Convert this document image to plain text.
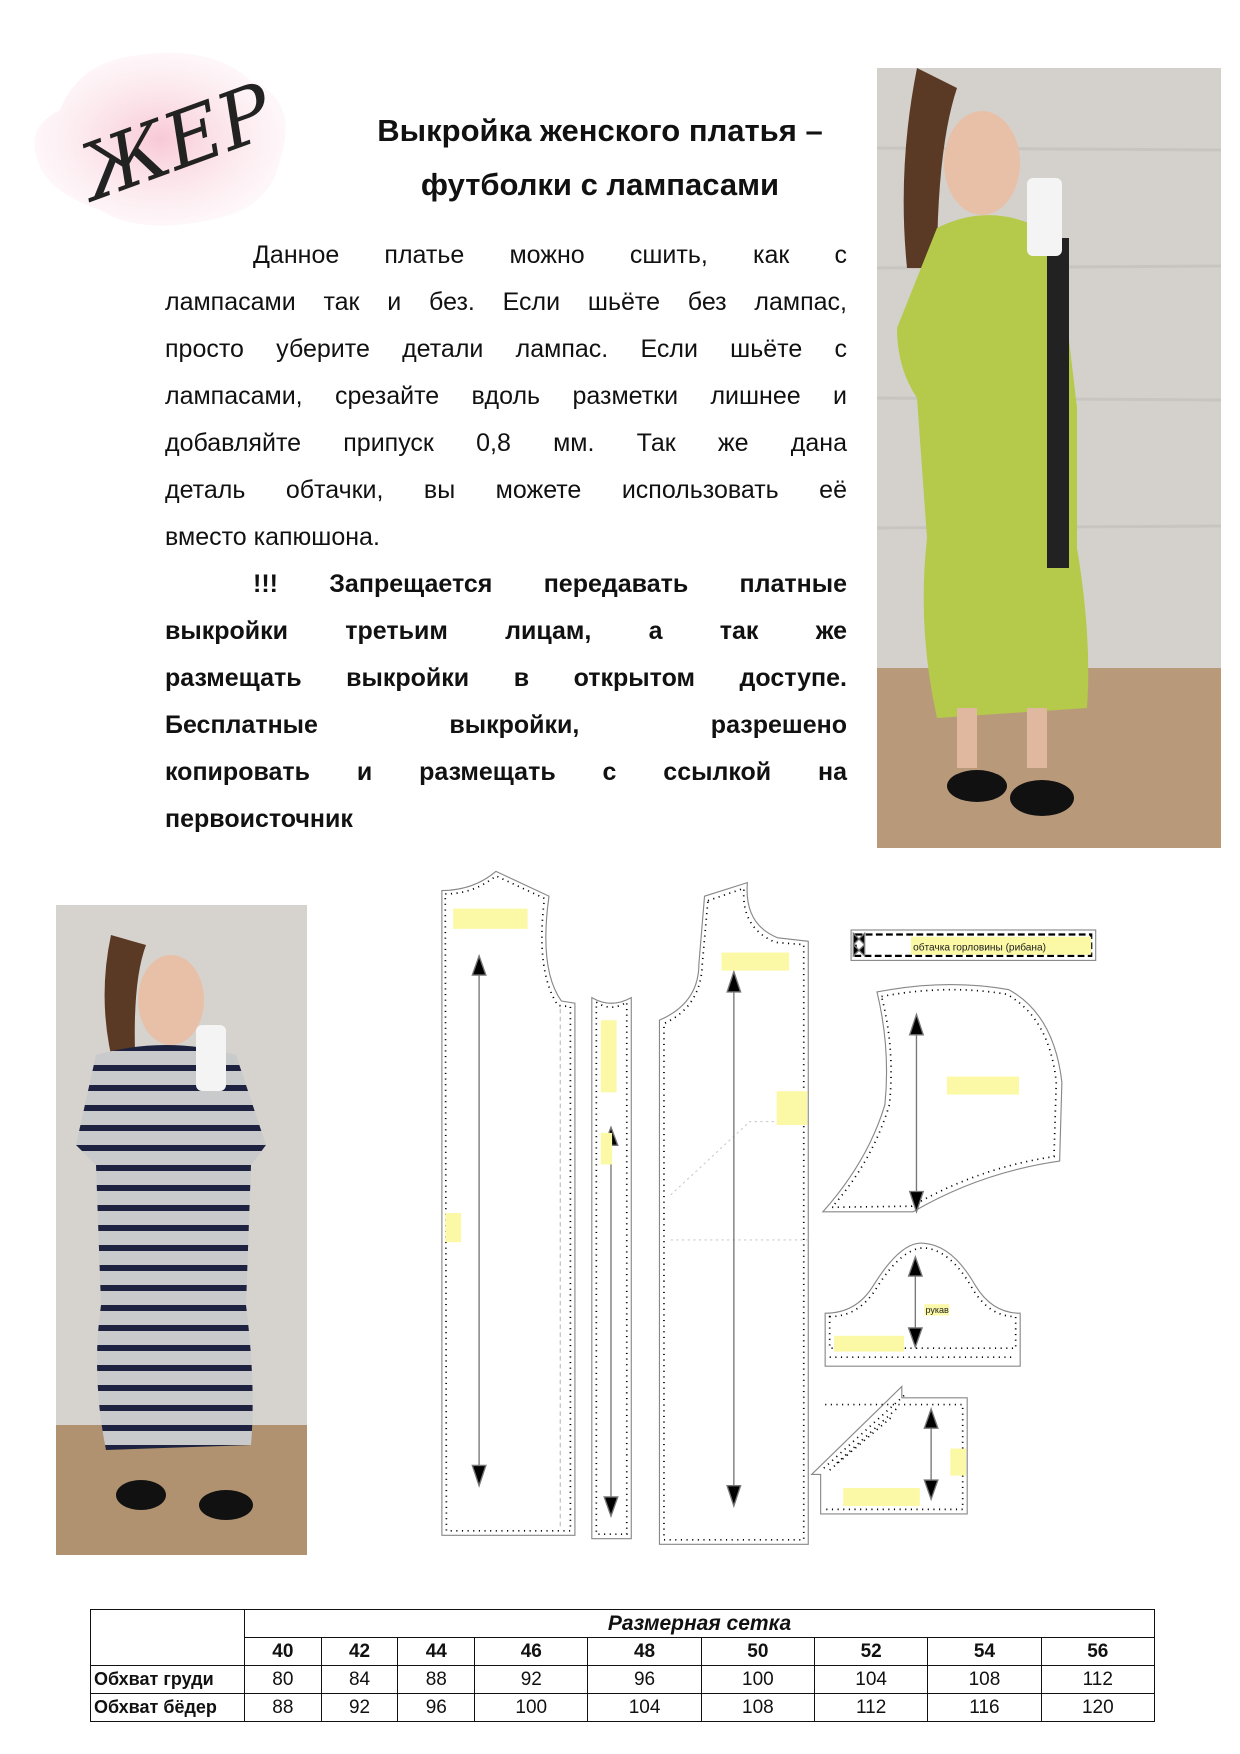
ЖЕР	Выкройка женского платья –
футболки с лампасами
Данное платье можно сшить, как с
лампасами так и без. Если шьёте без лампас,
просто уберите детали лампас. Если шьёте с
лампасами, срезайте вдоль разметки лишнее и
добавляйте припуск 0,8 мм. Так же дана
деталь обтачки, вы можете использовать её
вместо капюшона.
!!! Запрещается передавать платные
выкройки третьим лицам, а так же
размещать выкройки в открытом доступе.
Бесплатные выкройки, разрешено
копировать и размещать с ссылкой на
первоисточник
обтачка горловины (рибана)
рукав
	Размерная сетка								
	40	42	44	46	48	50	52	54	56
Обхват груди	80	84	88	92	96	100	104	108	112
Обхват бёдер	88	92	96	100	104	108	112	116	120
